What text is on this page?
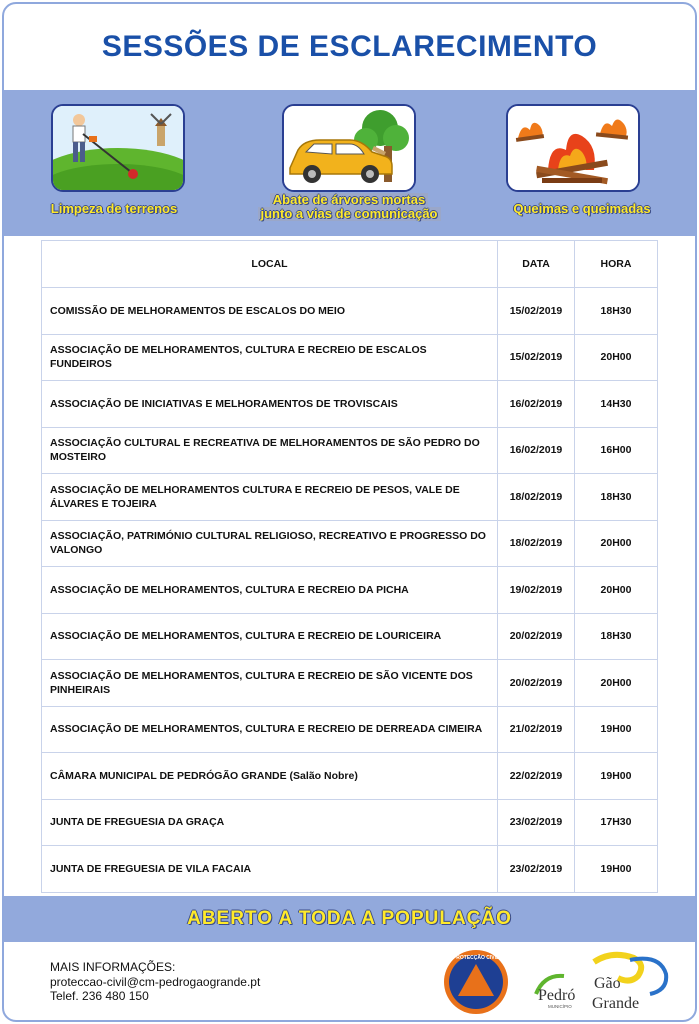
SESSÕES DE ESCLARECIMENTO
Limpeza de terrenos
Abate de árvores mortas
junto a vias de comunicação	Queimas e queimadas
LOCAL	DATA	HORA
COMISSÃO DE MELHORAMENTOS DE ESCALOS DO MEIO	15/02/2019	18H30
ASSOCIAÇÃO DE MELHORAMENTOS, CULTURA E RECREIO DE ESCALOS FUNDEIROS	15/02/2019	20H00
ASSOCIAÇÃO DE INICIATIVAS E MELHORAMENTOS DE TROVISCAIS	16/02/2019	14H30
ASSOCIAÇÃO CULTURAL E RECREATIVA DE MELHORAMENTOS DE SÃO PEDRO DO MOSTEIRO	16/02/2019	16H00
ASSOCIAÇÃO DE MELHORAMENTOS CULTURA E RECREIO DE PESOS, VALE DE ÁLVARES E TOJEIRA	18/02/2019	18H30
ASSOCIAÇÃO, PATRIMÓNIO CULTURAL RELIGIOSO, RECREATIVO E PROGRESSO DO VALONGO	18/02/2019	20H00
ASSOCIAÇÃO DE MELHORAMENTOS, CULTURA E RECREIO DA PICHA	19/02/2019	20H00
ASSOCIAÇÃO DE MELHORAMENTOS, CULTURA E RECREIO DE LOURICEIRA	20/02/2019	18H30
ASSOCIAÇÃO DE MELHORAMENTOS, CULTURA E RECREIO DE SÃO VICENTE DOS PINHEIRAIS	20/02/2019	20H00
ASSOCIAÇÃO DE MELHORAMENTOS, CULTURA E RECREIO DE DERREADA CIMEIRA	21/02/2019	19H00
CÂMARA MUNICIPAL DE PEDRÓGÃO GRANDE (Salão Nobre)	22/02/2019	19H00
JUNTA DE FREGUESIA DA GRAÇA	23/02/2019	17H30
JUNTA DE FREGUESIA DE VILA FACAIA	23/02/2019	19H00
ABERTO A TODA A POPULAÇÃO
MAIS INFORMAÇÕES:
proteccao-civil@cm-pedrogaogrande.pt
Telef. 236 480 150
PROTECÇÃO CIVIL
Pedró
Gão
Grande
MUNICÍPIO
